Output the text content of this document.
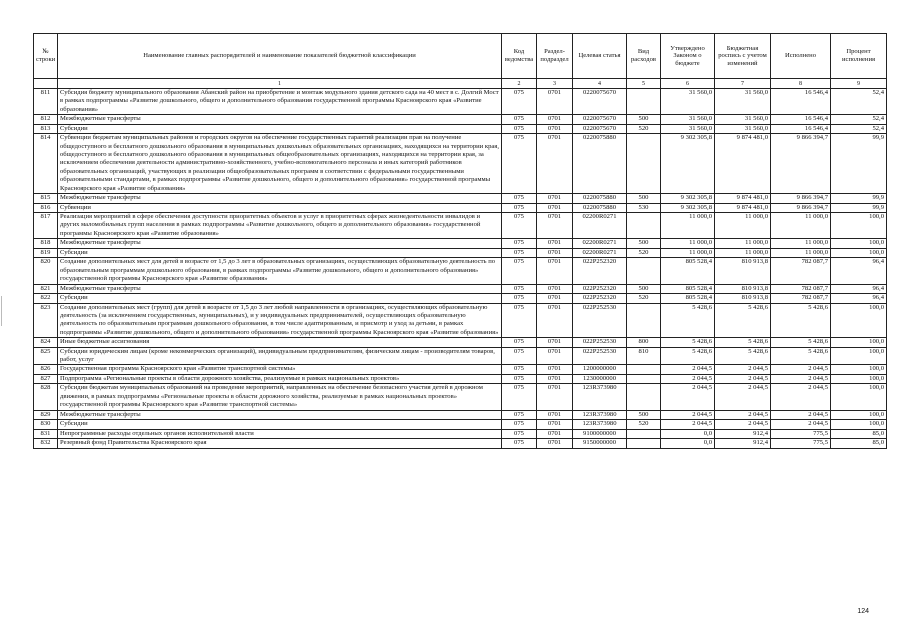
№ строки	Наименование главных распорядителей и наименование показателей бюджетной классификации	Код ведомства	Раздел-подраздел	Целевая статья	Вид расходов	Утверждено Законом о бюджете	Бюджетная роспись с учетом изменений	Исполнено	Процент исполнения
	1	2	3	4	5	6	7	8	9
811	Субсидия бюджету муниципального образования Абанский район на приобретение и монтаж модульного здания детского сада на 40 мест в с. Долгий Мост в рамках подпрограммы «Развитие дошкольного, общего и дополнительного образования государственной программы Красноярского края «Развитие образования»	075	0701	0220075670		31 560,0	31 560,0	16 546,4	52,4
812	Межбюджетные трансферты	075	0701	0220075670	500	31 560,0	31 560,0	16 546,4	52,4
813	Субсидии	075	0701	0220075670	520	31 560,0	31 560,0	16 546,4	52,4
814	Субвенции бюджетам муниципальных районов и городских округов на обеспечение государственных гарантий реализации прав на получение общедоступного и бесплатного дошкольного образования в муниципальных дошкольных образовательных организациях, находящихся на территории края, общедоступного и бесплатного дошкольного образования в муниципальных общеобразовательных организациях, находящихся на территории края, за исключением обеспечения деятельности административно-хозяйственного, учебно-вспомогательного персонала и иных категорий работников образовательных организаций, участвующих в реализации общеобразовательных программ в соответствии с федеральными государственными образовательными стандартами, в рамках подпрограммы «Развитие дошкольного, общего и дополнительного образования» государственной программы Красноярского края «Развитие образования»	075	0701	0220075880		9 302 305,8	9 874 481,0	9 866 394,7	99,9
815	Межбюджетные трансферты	075	0701	0220075880	500	9 302 305,8	9 874 481,0	9 866 394,7	99,9
816	Субвенции	075	0701	0220075880	530	9 302 305,8	9 874 481,0	9 866 394,7	99,9
817	Реализация мероприятий в сфере обеспечения доступности приоритетных объектов и услуг в приоритетных сферах жизнедеятельности инвалидов и других маломобильных групп населения в рамках подпрограммы «Развитие дошкольного, общего и дополнительного образования» государственной программы Красноярского края «Развитие образования»	075	0701	02200R0271		11 000,0	11 000,0	11 000,0	100,0
818	Межбюджетные трансферты	075	0701	02200R0271	500	11 000,0	11 000,0	11 000,0	100,0
819	Субсидии	075	0701	02200R0271	520	11 000,0	11 000,0	11 000,0	100,0
820	Создание дополнительных мест для детей в возрасте от 1,5 до 3 лет в образовательных организациях, осуществляющих образовательную деятельность по образовательным программам дошкольного образования, в рамках подпрограммы «Развитие дошкольного, общего и дополнительного образования» государственной программы Красноярского края «Развитие образования»	075	0701	022P252320		805 528,4	810 913,8	782 087,7	96,4
821	Межбюджетные трансферты	075	0701	022P252320	500	805 528,4	810 913,8	782 087,7	96,4
822	Субсидии	075	0701	022P252320	520	805 528,4	810 913,8	782 087,7	96,4
823	Создание дополнительных мест (групп) для детей в возрасте от 1,5 до 3 лет любой направленности в организациях, осуществляющих образовательную деятельность (за исключением государственных, муниципальных), и у индивидуальных предпринимателей, осуществляющих образовательную деятельность по образовательным программам дошкольного образования, в том числе адаптированным, и присмотр и уход за детьми, в рамках подпрограммы «Развитие дошкольного, общего и дополнительного образования» государственной программы Красноярского края «Развитие образования»	075	0701	022P252530		5 428,6	5 428,6	5 428,6	100,0
824	Иные бюджетные ассигнования	075	0701	022P252530	800	5 428,6	5 428,6	5 428,6	100,0
825	Субсидии юридическим лицам (кроме некоммерческих организаций), индивидуальным предпринимателям, физическим лицам - производителям товаров, работ, услуг	075	0701	022P252530	810	5 428,6	5 428,6	5 428,6	100,0
826	Государственная программа Красноярского края «Развитие транспортной системы»	075	0701	1200000000		2 044,5	2 044,5	2 044,5	100,0
827	Подпрограмма «Региональные проекты в области дорожного хозяйства, реализуемые в рамках национальных проектов»	075	0701	1230000000		2 044,5	2 044,5	2 044,5	100,0
828	Субсидии бюджетам муниципальных образований на проведение мероприятий, направленных на обеспечение безопасного участия детей в дорожном движении, в рамках подпрограммы «Региональные проекты в области дорожного хозяйства, реализуемые в рамках национальных проектов» государственной программы Красноярского края «Развитие транспортной системы»	075	0701	123R373980		2 044,5	2 044,5	2 044,5	100,0
829	Межбюджетные трансферты	075	0701	123R373980	500	2 044,5	2 044,5	2 044,5	100,0
830	Субсидии	075	0701	123R373980	520	2 044,5	2 044,5	2 044,5	100,0
831	Непрограммные расходы отдельных органов исполнительной власти	075	0701	9100000000		0,0	912,4	775,5	85,0
832	Резервный фонд Правительства Красноярского края	075	0701	9150000000		0,0	912,4	775,5	85,0
124
